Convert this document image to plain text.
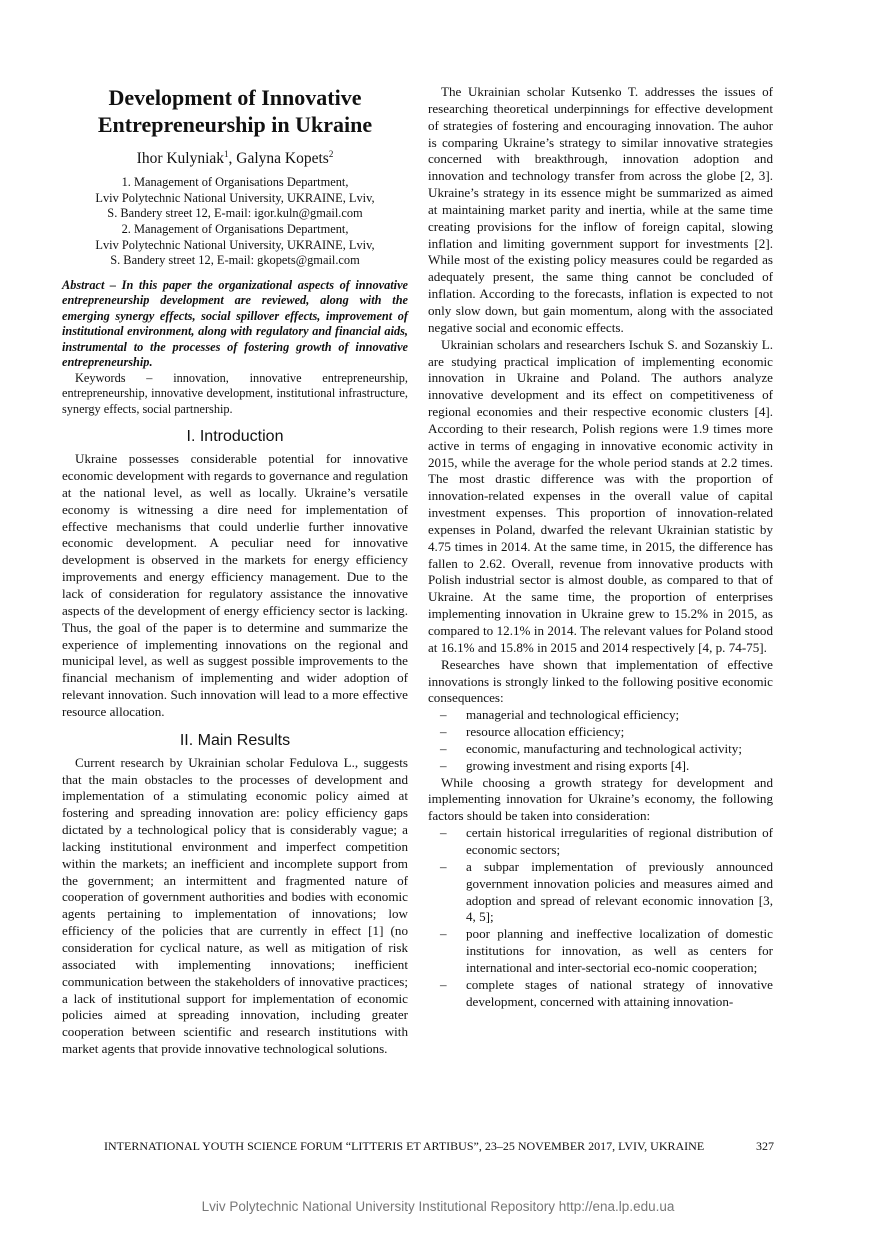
Development of Innovative Entrepreneurship in Ukraine
Ihor Kulyniak$^1$, Galyna Kopets$^2$
1. Management of Organisations Department,
Lviv Polytechnic National University, UKRAINE, Lviv,
S. Bandery street 12, E-mail: igor.kuln@gmail.com
2. Management of Organisations Department,
Lviv Polytechnic National University, UKRAINE, Lviv,
S. Bandery street 12, E-mail: gkopets@gmail.com

Abstract – In this paper the organizational aspects of innovative entrepreneurship development are reviewed, along with the emerging synergy effects, social spillover effects, improvement of institutional environment, along with regulatory and financial aids, instrumental to the processes of fostering growth of innovative entrepreneurship.

Keywords – innovation, innovative entrepreneurship, entrepreneurship, innovative development, institutional infrastructure, synergy effects, social partnership.

I. Introduction

Ukraine possesses considerable potential for innovative economic development with regards to governance and regulation at the national level, as well as locally. Ukraine’s versatile economy is witnessing a dire need for implementation of effective mechanisms that could underlie further innovative economic development. A peculiar need for innovative development is observed in the markets for energy efficiency improvements and energy efficiency management. Due to the lack of consideration for regulatory assistance the innovative aspects of the development of energy efficiency sector is lacking. Thus, the goal of the paper is to determine and summarize the experience of implementing innovations on the regional and municipal level, as well as suggest possible improvements to the financial mechanism of implementing and wider adoption of relevant innovation. Such innovation will lead to a more effective resource allocation.

II. Main Results

Current research by Ukrainian scholar Fedulova L., suggests that the main obstacles to the processes of development and implementation of a stimulating economic policy aimed at fostering and spreading innovation are: policy efficiency gaps dictated by a technological policy that is considerably vague; a lacking institutional environment and imperfect competition within the markets; an inefficient and incomplete support from the government; an intermittent and fragmented nature of cooperation of government authorities and bodies with economic agents pertaining to implementation of innovations; low efficiency of the policies that are currently in effect [1] (no consideration for cyclical nature, as well as mitigation of risk associated with implementing innovations; inefficient communication between the stakeholders of innovative practices; a lack of institutional support for implementation of economic policies aimed at spreading innovation, including greater cooperation between scientific and research institutions with market agents that provide innovative technological solutions.

The Ukrainian scholar Kutsenko T. addresses the issues of researching theoretical underpinnings for effective development of strategies of fostering and encouraging innovation. The auhor is comparing Ukraine’s strategy to similar innovative strategies concerned with breakthrough, innovation adoption and innovation and technology transfer from across the globe [2, 3]. Ukraine’s strategy in its essence might be summarized as aimed at maintaining market parity and inertia, while at the same time creating provisions for the inflow of foreign capital, slowing inflation and limiting government support for investments [2]. While most of the existing policy measures could be regarded as adequately present, the same thing cannot be concluded of inflation. According to the forecasts, inflation is expected to not only slow down, but gain momentum, along with the associated negative social and economic effects.

Ukrainian scholars and researchers Ischuk S. and Sozanskiy L. are studying practical implication of implementing economic innovation in Ukraine and Poland. The authors analyze innovative development and its effect on competitiveness of regional economies and their respective economic clusters [4]. According to their research, Polish regions were 1.9 times more active in terms of engaging in innovative economic activity in 2015, while the average for the whole period stands at 2.2 times. The most drastic difference was with the proportion of innovation-related expenses in the overall value of capital investment expenses. This proportion of innovation-related expenses in Poland, dwarfed the relevant Ukrainian statistic by 4.75 times in 2014. At the same time, in 2015, the difference has fallen to 2.62. Overall, revenue from innovative products with Polish industrial sector is almost double, as compared to that of Ukraine. At the same time, the proportion of enterprises implementing innovation in Ukraine grew to 15.2% in 2015, as compared to 12.1% in 2014. The relevant values for Poland stood at 16.1% and 15.8% in 2015 and 2014 respectively [4, p. 74-75].

Researches have shown that implementation of effective innovations is strongly linked to the following positive economic consequences:

– managerial and technological efficiency;
– resource allocation efficiency;
– economic, manufacturing and technological activity;
– growing investment and rising exports [4].

While choosing a growth strategy for development and implementing innovation for Ukraine’s economy, the following factors should be taken into consideration:

– certain historical irregularities of regional distribution of economic sectors;
– a subpar implementation of previously announced government innovation policies and measures aimed and adoption and spread of relevant economic innovation [3, 4, 5];
– poor planning and ineffective localization of domestic institutions for innovation, as well as centers for international and inter-sectorial eco-nomic cooperation;
– complete stages of national strategy of innovative development, concerned with attaining innovation-
INTERNATIONAL YOUTH SCIENCE FORUM “LITTERIS ET ARTIBUS”, 23–25 NOVEMBER 2017, LVIV, UKRAINE	327
Lviv Polytechnic National University Institutional Repository http://ena.lp.edu.ua
